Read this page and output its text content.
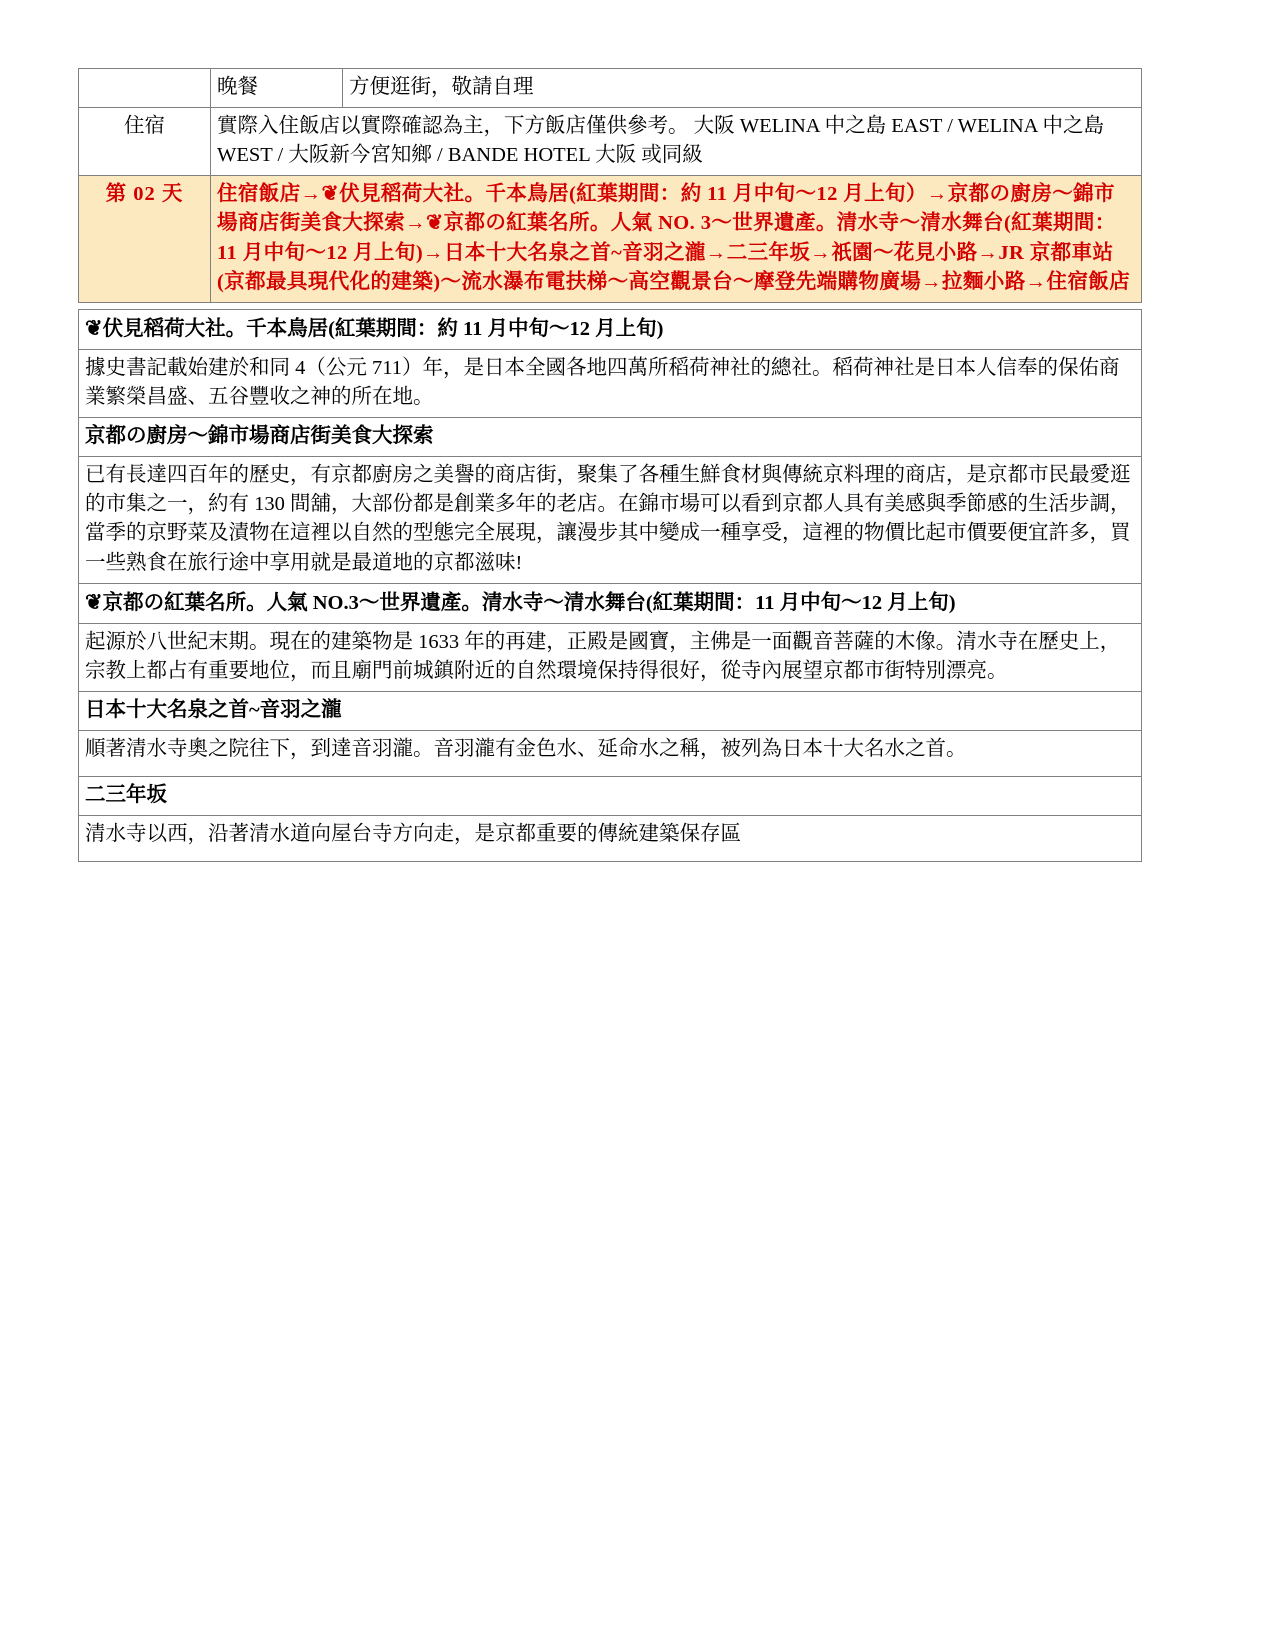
	晚餐	方便逛街，敬請自理
住宿	實際入住飯店以實際確認為主，下方飯店僅供參考。 大阪 WELINA 中之島 EAST / WELINA 中之島 WEST / 大阪新今宮知鄉 / BANDE HOTEL 大阪 或同級	
第 02 天	住宿飯店→❦伏見稻荷大社。千本鳥居(紅葉期間：約 11 月中旬～12 月上旬）→京都の廚房～錦市場商店街美食大探索→❦京都の紅葉名所。人氣 NO. 3～世界遺產。清水寺～清水舞台(紅葉期間：11 月中旬～12 月上旬)→日本十大名泉之首~音羽之瀧→二三年坂→祇園～花見小路→JR 京都車站(京都最具現代化的建築)～流水瀑布電扶梯～高空觀景台～摩登先端購物廣場→拉麵小路→住宿飯店	
❦伏見稻荷大社。千本鳥居(紅葉期間：約 11 月中旬～12 月上旬)
據史書記載始建於和同 4（公元 711）年，是日本全國各地四萬所稻荷神社的總社。稻荷神社是日本人信奉的保佑商業繁榮昌盛、五谷豐收之神的所在地。
京都の廚房～錦市場商店街美食大探索
已有長達四百年的歷史，有京都廚房之美譽的商店街，聚集了各種生鮮食材與傳統京料理的商店，是京都市民最愛逛的市集之一，約有 130 間舖，大部份都是創業多年的老店。在錦市場可以看到京都人具有美感與季節感的生活步調，當季的京野菜及漬物在這裡以自然的型態完全展現，讓漫步其中變成一種享受，這裡的物價比起市價要便宜許多，買一些熟食在旅行途中享用就是最道地的京都滋味!
❦京都の紅葉名所。人氣 NO.3～世界遺產。清水寺～清水舞台(紅葉期間：11 月中旬～12 月上旬)
起源於八世紀末期。現在的建築物是 1633 年的再建，正殿是國寶，主佛是一面觀音菩薩的木像。清水寺在歷史上，宗教上都占有重要地位，而且廟門前城鎮附近的自然環境保持得很好，從寺內展望京都市街特別漂亮。
日本十大名泉之首~音羽之瀧
順著清水寺奧之院往下，到達音羽瀧。音羽瀧有金色水、延命水之稱，被列為日本十大名水之首。
二三年坂
清水寺以西，沿著清水道向屋台寺方向走，是京都重要的傳統建築保存區
